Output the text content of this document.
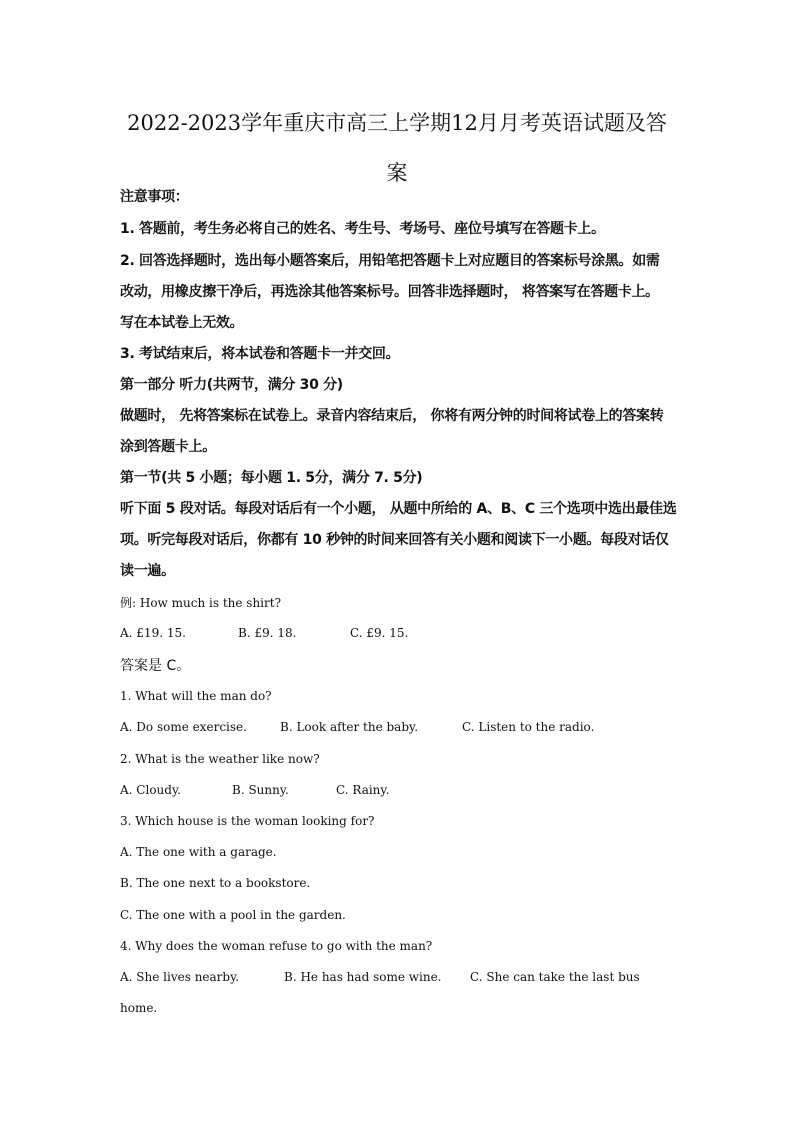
2022-2023学年重庆市高三上学期12月月考英语试题及答
案
注意事项：
1. 答题前，考生务必将自己的姓名、考生号、考场号、座位号填写在答题卡上。
2. 回答选择题时，选出每小题答案后，用铅笔把答题卡上对应题目的答案标号涂黑。如需
改动，用橡皮擦干净后，再选涂其他答案标号。回答非选择题时， 将答案写在答题卡上。
写在本试卷上无效。
3. 考试结束后，将本试卷和答题卡一并交回。
第一部分 听力(共两节，满分 30 分)
做题时， 先将答案标在试卷上。录音内容结束后， 你将有两分钟的时间将试卷上的答案转
涂到答题卡上。
第一节(共 5 小题；每小题 1. 5分，满分 7. 5分)
听下面 5 段对话。每段对话后有一个小题， 从题中所给的 A、B、C 三个选项中选出最佳选
项。听完每段对话后，你都有 10 秒钟的时间来回答有关小题和阅读下一小题。每段对话仅
读一遍。
例: How much is the shirt?
A. £19. 15.	B. £9. 18.	C. £9. 15.
答案是 C。
1. What will the man do?
A. Do some exercise.	B. Look after the baby.	C. Listen to the radio.
2. What is the weather like now?
A. Cloudy.	B. Sunny.	C. Rainy.
3. Which house is the woman looking for?
A. The one with a garage.
B. The one next to a bookstore.
C. The one with a pool in the garden.
4. Why does the woman refuse to go with the man?
A. She lives nearby.	B. He has had some wine. C. She can take the last bus
home.
